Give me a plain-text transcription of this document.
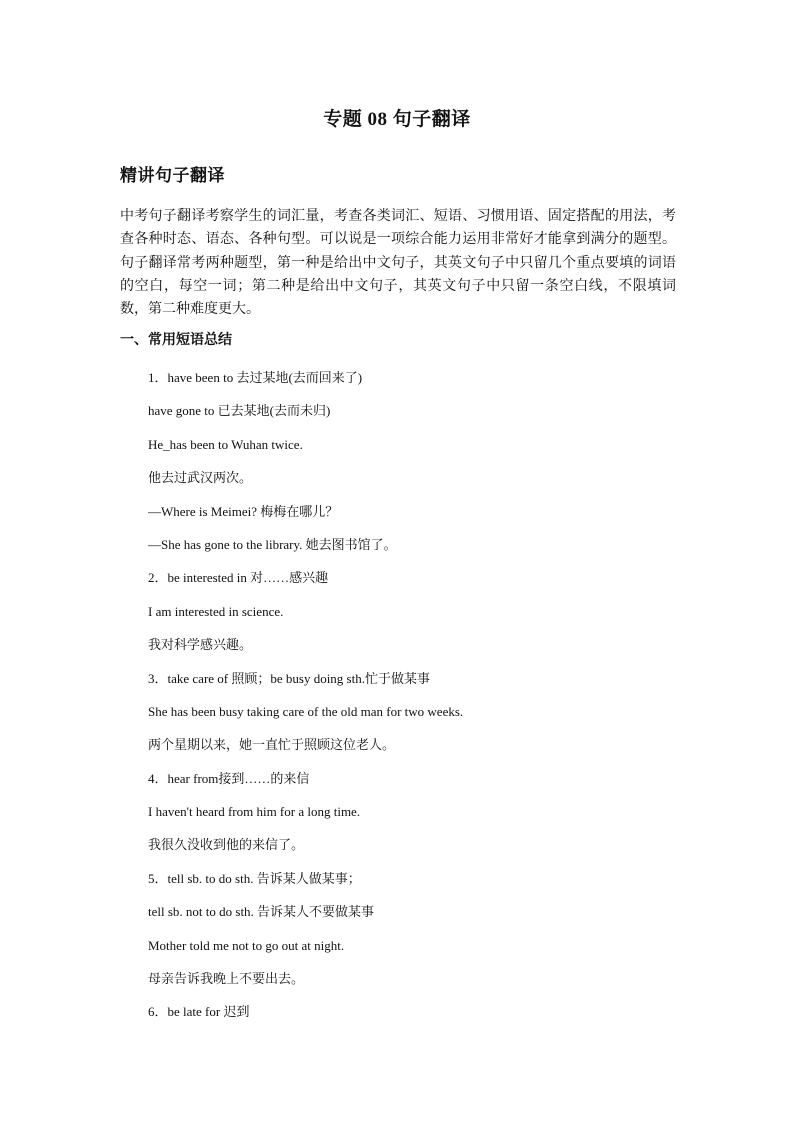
专题 08 句子翻译
精讲句子翻译
中考句子翻译考察学生的词汇量，考查各类词汇、短语、习惯用语、固定搭配的用法，考查各种时态、语态、各种句型。可以说是一项综合能力运用非常好才能拿到满分的题型。句子翻译常考两种题型，第一种是给出中文句子，其英文句子中只留几个重点要填的词语的空白，每空一词；第二种是给出中文句子，其英文句子中只留一条空白线，不限填词数，第二种难度更大。
一、常用短语总结
1．have been to 去过某地(去而回来了)
have gone to 已去某地(去而未归)
He_has been to Wuhan twice.
他去过武汉两次。
—Where is Meimei? 梅梅在哪儿？
—She has gone to the library. 她去图书馆了。
2．be interested in 对……感兴趣
I am interested in science.
我对科学感兴趣。
3．take care of 照顾；be busy doing sth.忙于做某事
She has been busy taking care of the old man for two weeks.
两个星期以来，她一直忙于照顾这位老人。
4．hear from接到……的来信
I haven't heard from him for a long time.
我很久没收到他的来信了。
5．tell sb. to do sth. 告诉某人做某事；
tell sb. not to do sth. 告诉某人不要做某事
Mother told me not to go out at night.
母亲告诉我晚上不要出去。
6．be late for 迟到
